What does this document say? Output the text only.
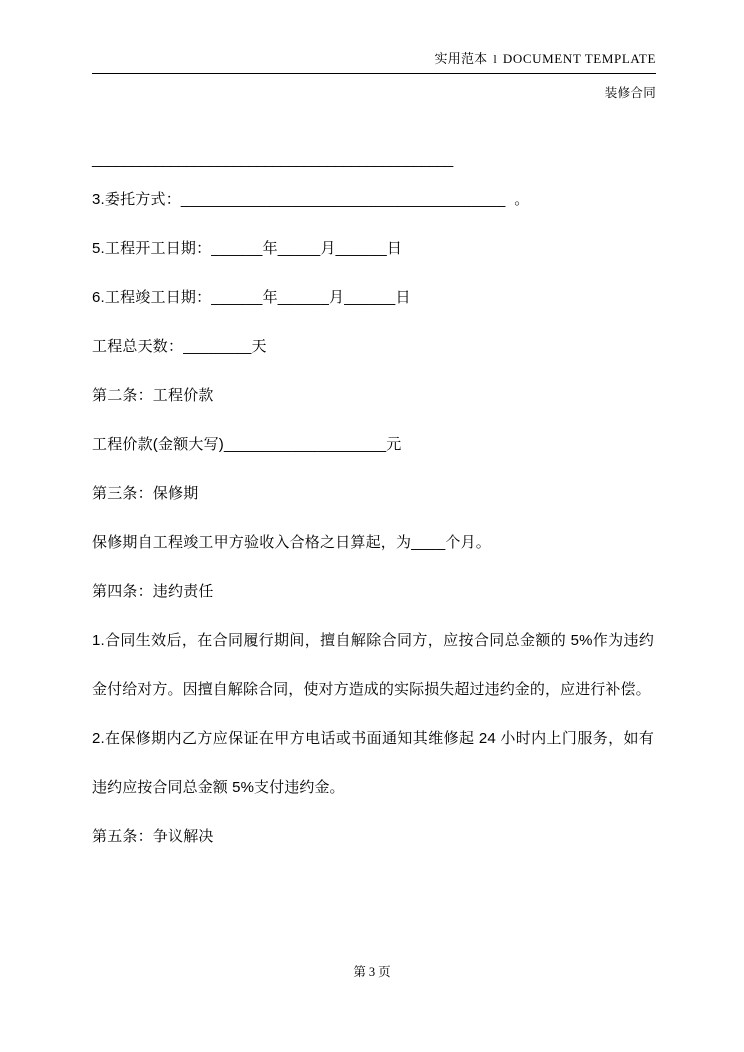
实用范本 l DOCUMENT TEMPLATE
装修合同
______________________________________________
3.委托方式：______________________________________  。
5.工程开工日期：______年_____月______日
6.工程竣工日期：______年______月______日
工程总天数：________天
第二条：工程价款
工程价款(金额大写)___________________元
第三条：保修期
保修期自工程竣工甲方验收入合格之日算起，为____个月。
第四条：违约责任
1.合同生效后，在合同履行期间，擅自解除合同方，应按合同总金额的 5%作为违约金付给对方。因擅自解除合同，使对方造成的实际损失超过违约金的，应进行补偿。
2.在保修期内乙方应保证在甲方电话或书面通知其维修起 24 小时内上门服务，如有违约应按合同总金额 5%支付违约金。
第五条：争议解决
第 3 页
